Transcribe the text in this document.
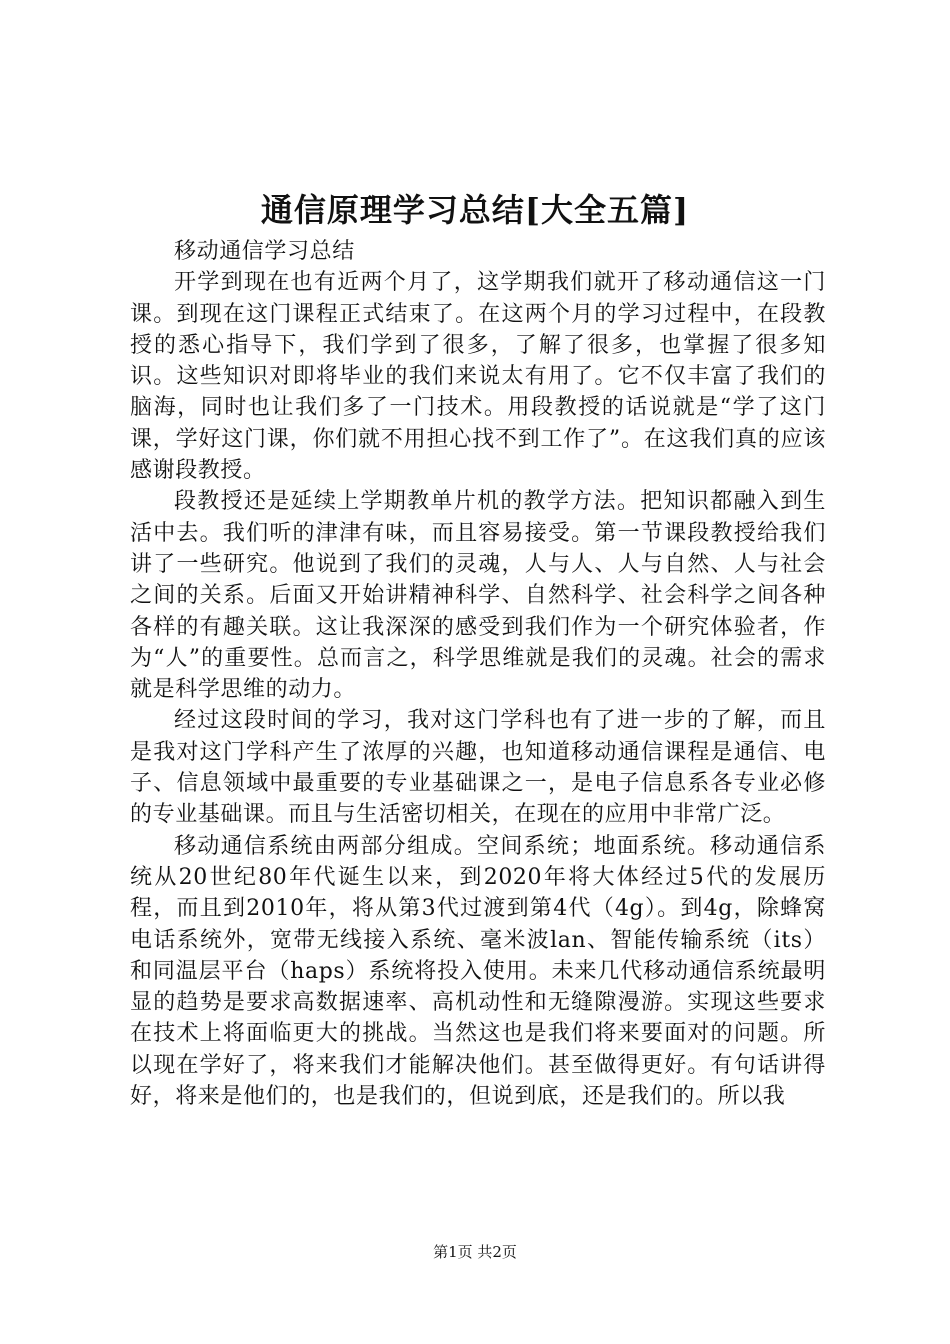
通信原理学习总结[大全五篇]

移动通信学习总结

开学到现在也有近两个月了，这学期我们就开了移动通信这一门课。到现在这门课程正式结束了。在这两个月的学习过程中，在段教授的悉心指导下，我们学到了很多，了解了很多，也掌握了很多知识。这些知识对即将毕业的我们来说太有用了。它不仅丰富了我们的脑海，同时也让我们多了一门技术。用段教授的话说就是“学了这门课，学好这门课，你们就不用担心找不到工作了”。在这我们真的应该感谢段教授。

段教授还是延续上学期教单片机的教学方法。把知识都融入到生活中去。我们听的津津有味，而且容易接受。第一节课段教授给我们讲了一些研究。他说到了我们的灵魂，人与人、人与自然、人与社会之间的关系。后面又开始讲精神科学、自然科学、社会科学之间各种各样的有趣关联。这让我深深的感受到我们作为一个研究体验者，作为“人”的重要性。总而言之，科学思维就是我们的灵魂。社会的需求就是科学思维的动力。

经过这段时间的学习，我对这门学科也有了进一步的了解，而且是我对这门学科产生了浓厚的兴趣，也知道移动通信课程是通信、电子、信息领域中最重要的专业基础课之一，是电子信息系各专业必修的专业基础课。而且与生活密切相关，在现在的应用中非常广泛。

移动通信系统由两部分组成。空间系统；地面系统。移动通信系统从20世纪80年代诞生以来，到2020年将大体经过5代的发展历程，而且到2010年，将从第3代过渡到第4代（4g）。到4g，除蜂窝电话系统外，宽带无线接入系统、毫米波lan、智能传输系统（its）和同温层平台（haps）系统将投入使用。未来几代移动通信系统最明显的趋势是要求高数据速率、高机动性和无缝隙漫游。实现这些要求在技术上将面临更大的挑战。当然这也是我们将来要面对的问题。所以现在学好了，将来我们才能解决他们。甚至做得更好。有句话讲得好，将来是他们的，也是我们的，但说到底，还是我们的。所以我

第1页 共2页
